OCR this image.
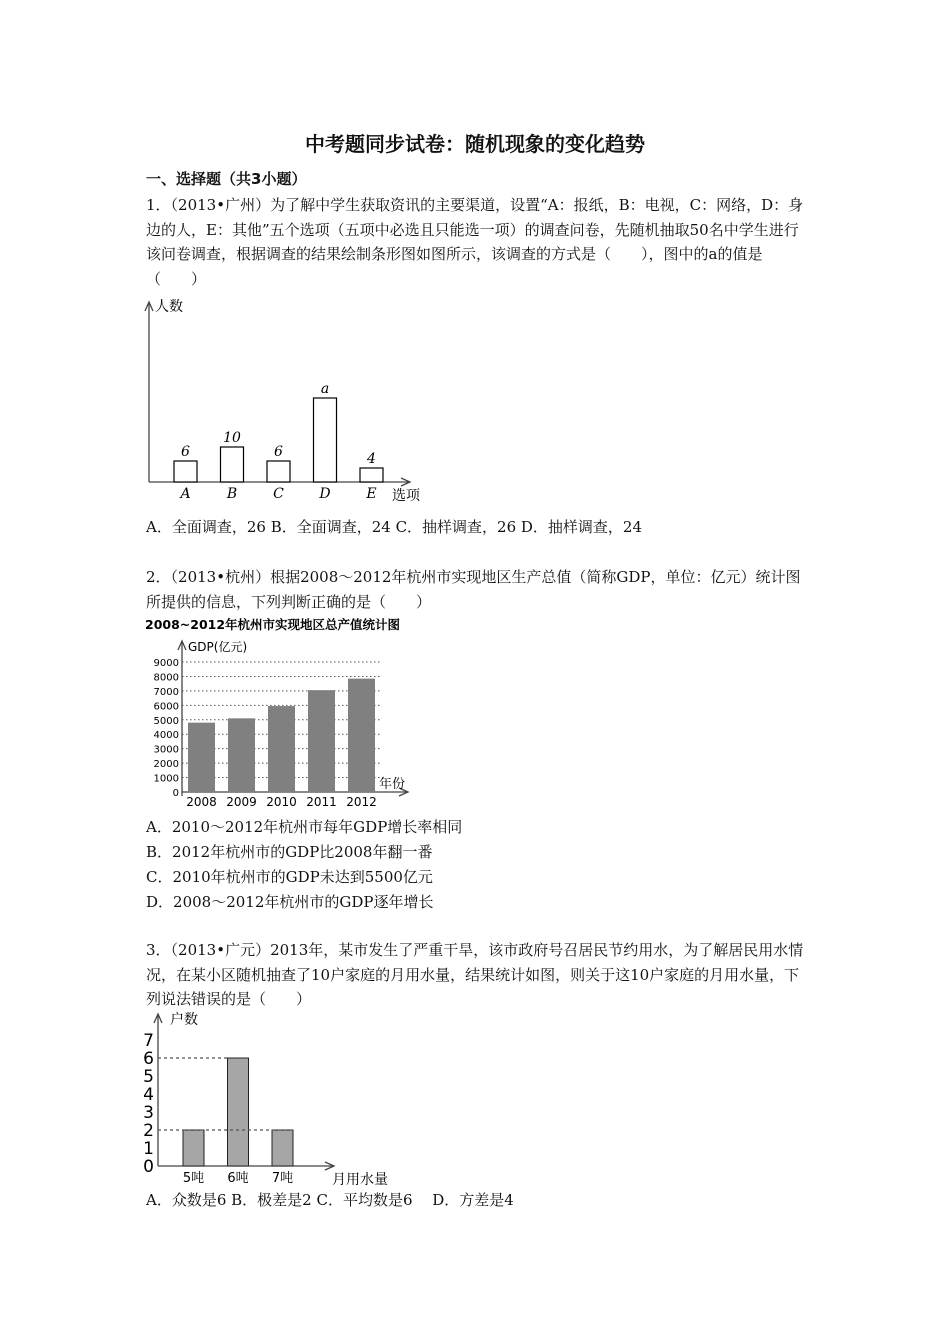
中考题同步试卷：随机现象的变化趋势
一、选择题（共3小题）
1．（2013•广州）为了解中学生获取资讯的主要渠道，设置“A：报纸，B：电视，C：网络，D：身边的人，E：其他”五个选项（五项中必选且只能选一项）的调查问卷，先随机抽取50名中学生进行该问卷调查，根据调查的结果绘制条形图如图所示，该调查的方式是（　　），图中的a的值是（　　）
人数
选项
6
A
10
B
6
C
a
D
4
E
A．全面调查，26 B．全面调查，24 C．抽样调查，26 D．抽样调查，24
2．（2013•杭州）根据2008～2012年杭州市实现地区生产总值（简称GDP，单位：亿元）统计图所提供的信息，下列判断正确的是（　　）
2008~2012年杭州市实现地区总产值统计图
0
1000
2000
3000
4000
5000
6000
7000
8000
9000
GDP(亿元)
年份
2008 2009 2010 2011 2012
A．2010～2012年杭州市每年GDP增长率相同
B．2012年杭州市的GDP比2008年翻一番
C．2010年杭州市的GDP未达到5500亿元
D．2008～2012年杭州市的GDP逐年增长
3．（2013•广元）2013年，某市发生了严重干旱，该市政府号召居民节约用水，为了解居民用水情况，在某小区随机抽查了10户家庭的月用水量，结果统计如图，则关于这10户家庭的月用水量，下列说法错误的是（　　）
户数
月用水量
0
1
2
3
4
5
6
7
5吨 6吨 7吨
A．众数是6 B．极差是2 C．平均数是6　 D．方差是4
